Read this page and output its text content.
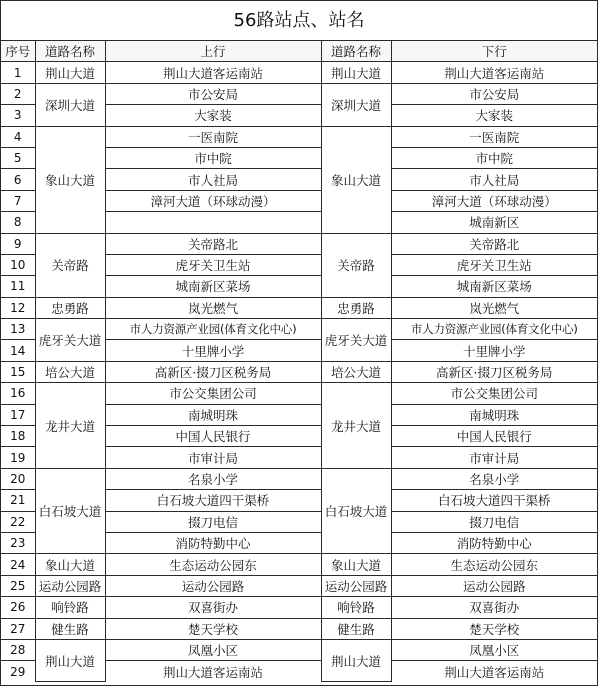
56路站点、站名
序号	道路名称	上行	道路名称	下行
1	荆山大道	荆山大道客运南站	荆山大道	荆山大道客运南站
2	深圳大道	市公安局	深圳大道	市公安局
3		大家装		大家装
4	象山大道	一医南院	象山大道	一医南院
5		市中院		市中院
6		市人社局		市人社局
7		漳河大道（环球动漫）		漳河大道（环球动漫）
8				城南新区
9	关帝路	关帝路北	关帝路	关帝路北
10		虎牙关卫生站		虎牙关卫生站
11		城南新区菜场		城南新区菜场
12	忠勇路	岚光燃气	忠勇路	岚光燃气
13	虎牙关大道	市人力资源产业园(体育文化中心)	虎牙关大道	市人力资源产业园(体育文化中心)
14		十里牌小学		十里牌小学
15	培公大道	高新区·掇刀区税务局	培公大道	高新区·掇刀区税务局
16	龙井大道	市公交集团公司	龙井大道	市公交集团公司
17		南城明珠		南城明珠
18		中国人民银行		中国人民银行
19		市审计局		市审计局
20	白石坡大道	名泉小学	白石坡大道	名泉小学
21		白石坡大道四干渠桥		白石坡大道四干渠桥
22		掇刀电信		掇刀电信
23		消防特勤中心		消防特勤中心
24	象山大道	生态运动公园东	象山大道	生态运动公园东
25	运动公园路	运动公园路	运动公园路	运动公园路
26	响铃路	双喜街办	响铃路	双喜街办
27	健生路	楚天学校	健生路	楚天学校
28	荆山大道	凤凰小区	荆山大道	凤凰小区
29		荆山大道客运南站		荆山大道客运南站
